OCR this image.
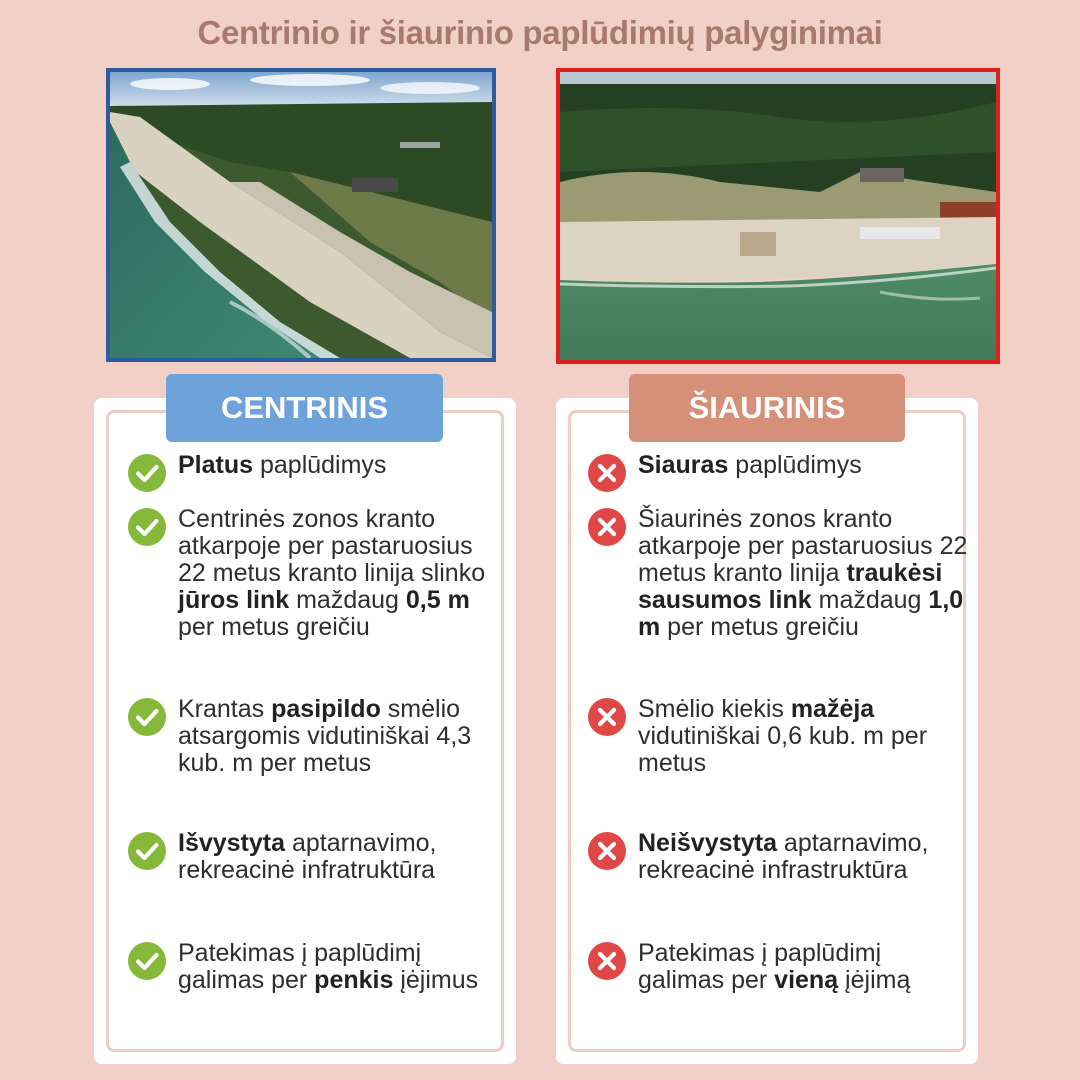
Centrinio ir šiaurinio paplūdimių palyginimai
CENTRINIS	ŠIAURINIS
Platus paplūdimys
Centrinės zonos kranto atkarpoje per pastaruosius 22 metus kranto linija slinko jūros link maždaug 0,5 m per metus greičiu
Krantas pasipildo smėlio atsargomis vidutiniškai 4,3 kub. m per metus
Išvystyta aptarnavimo, rekreacinė infratruktūra
Patekimas į paplūdimį galimas per penkis įėjimus
Siauras paplūdimys
Šiaurinės zonos kranto atkarpoje per pastaruosius 22 metus kranto linija traukėsi sausumos link maždaug 1,0 m per metus greičiu
Smėlio kiekis mažėja vidutiniškai 0,6 kub. m per metus
Neišvystyta aptarnavimo, rekreacinė infrastruktūra
Patekimas į paplūdimį galimas per vieną įėjimą
